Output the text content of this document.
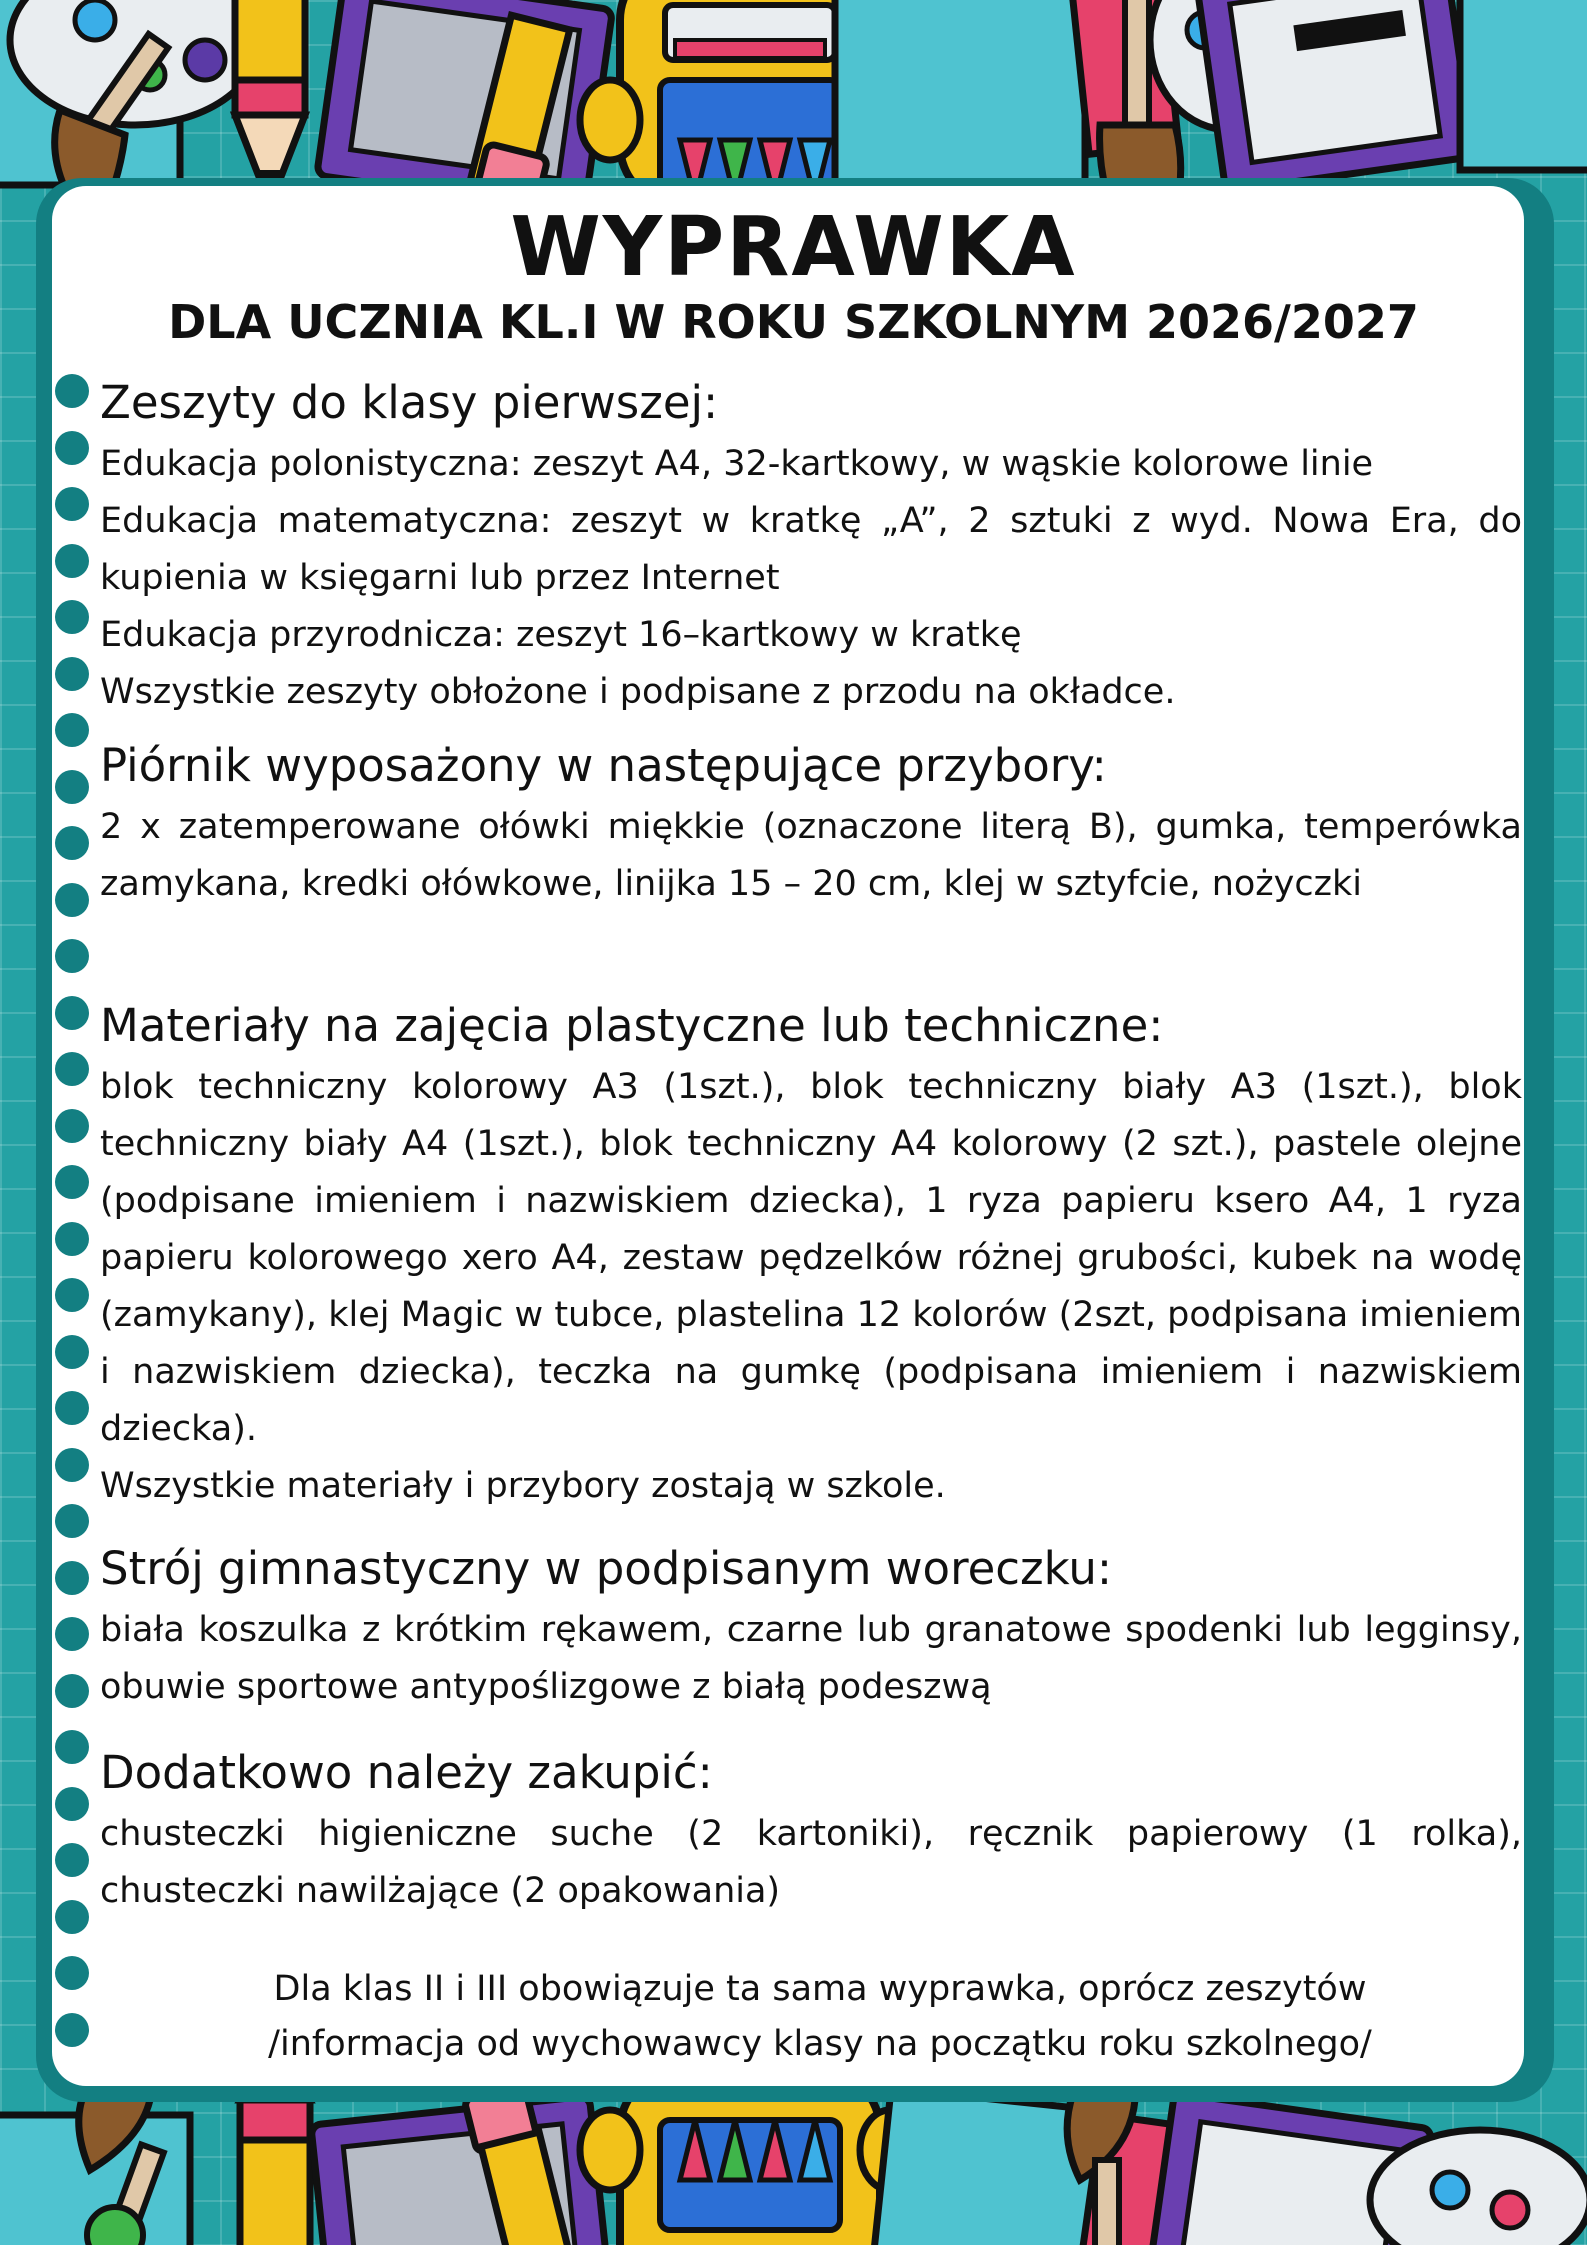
WYPRAWKA
DLA UCZNIA KL.I W ROKU SZKOLNYM 2026/2027
Zeszyty do klasy pierwszej:

Edukacja polonistyczna: zeszyt A4, 32-kartkowy, w wąskie kolorowe linie

Edukacja matematyczna: zeszyt w kratkę „A”, 2 sztuki z wyd. Nowa Era, do kupienia w księgarni lub przez Internet

Edukacja przyrodnicza: zeszyt 16–kartkowy w kratkę

Wszystkie zeszyty obłożone i podpisane z przodu na okładce.

Piórnik wyposażony w następujące przybory:

2 x zatemperowane ołówki miękkie (oznaczone literą B), gumka, temperówka zamykana, kredki ołówkowe, linijka 15 – 20 cm, klej w sztyfcie, nożyczki

Materiały na zajęcia plastyczne lub techniczne:

blok techniczny kolorowy A3 (1szt.), blok techniczny biały A3 (1szt.), blok techniczny biały A4 (1szt.), blok techniczny A4 kolorowy (2 szt.), pastele olejne (podpisane imieniem i nazwiskiem dziecka), 1 ryza papieru ksero A4, 1 ryza papieru kolorowego xero A4, zestaw pędzelków różnej grubości, kubek na wodę (zamykany), klej Magic w tubce, plastelina 12 kolorów (2szt, podpisana imieniem i nazwiskiem dziecka), teczka na gumkę (podpisana imieniem i nazwiskiem dziecka).

Wszystkie materiały i przybory zostają w szkole.

Strój gimnastyczny w podpisanym woreczku:

biała koszulka z krótkim rękawem, czarne lub granatowe spodenki lub legginsy, obuwie sportowe antypoślizgowe z białą podeszwą

Dodatkowo należy zakupić:

chusteczki higieniczne suche (2 kartoniki), ręcznik papierowy (1 rolka), chusteczki nawilżające (2 opakowania)

Dla klas II i III obowiązuje ta sama wyprawka, oprócz zeszytów
/informacja od wychowawcy klasy na początku roku szkolnego/
